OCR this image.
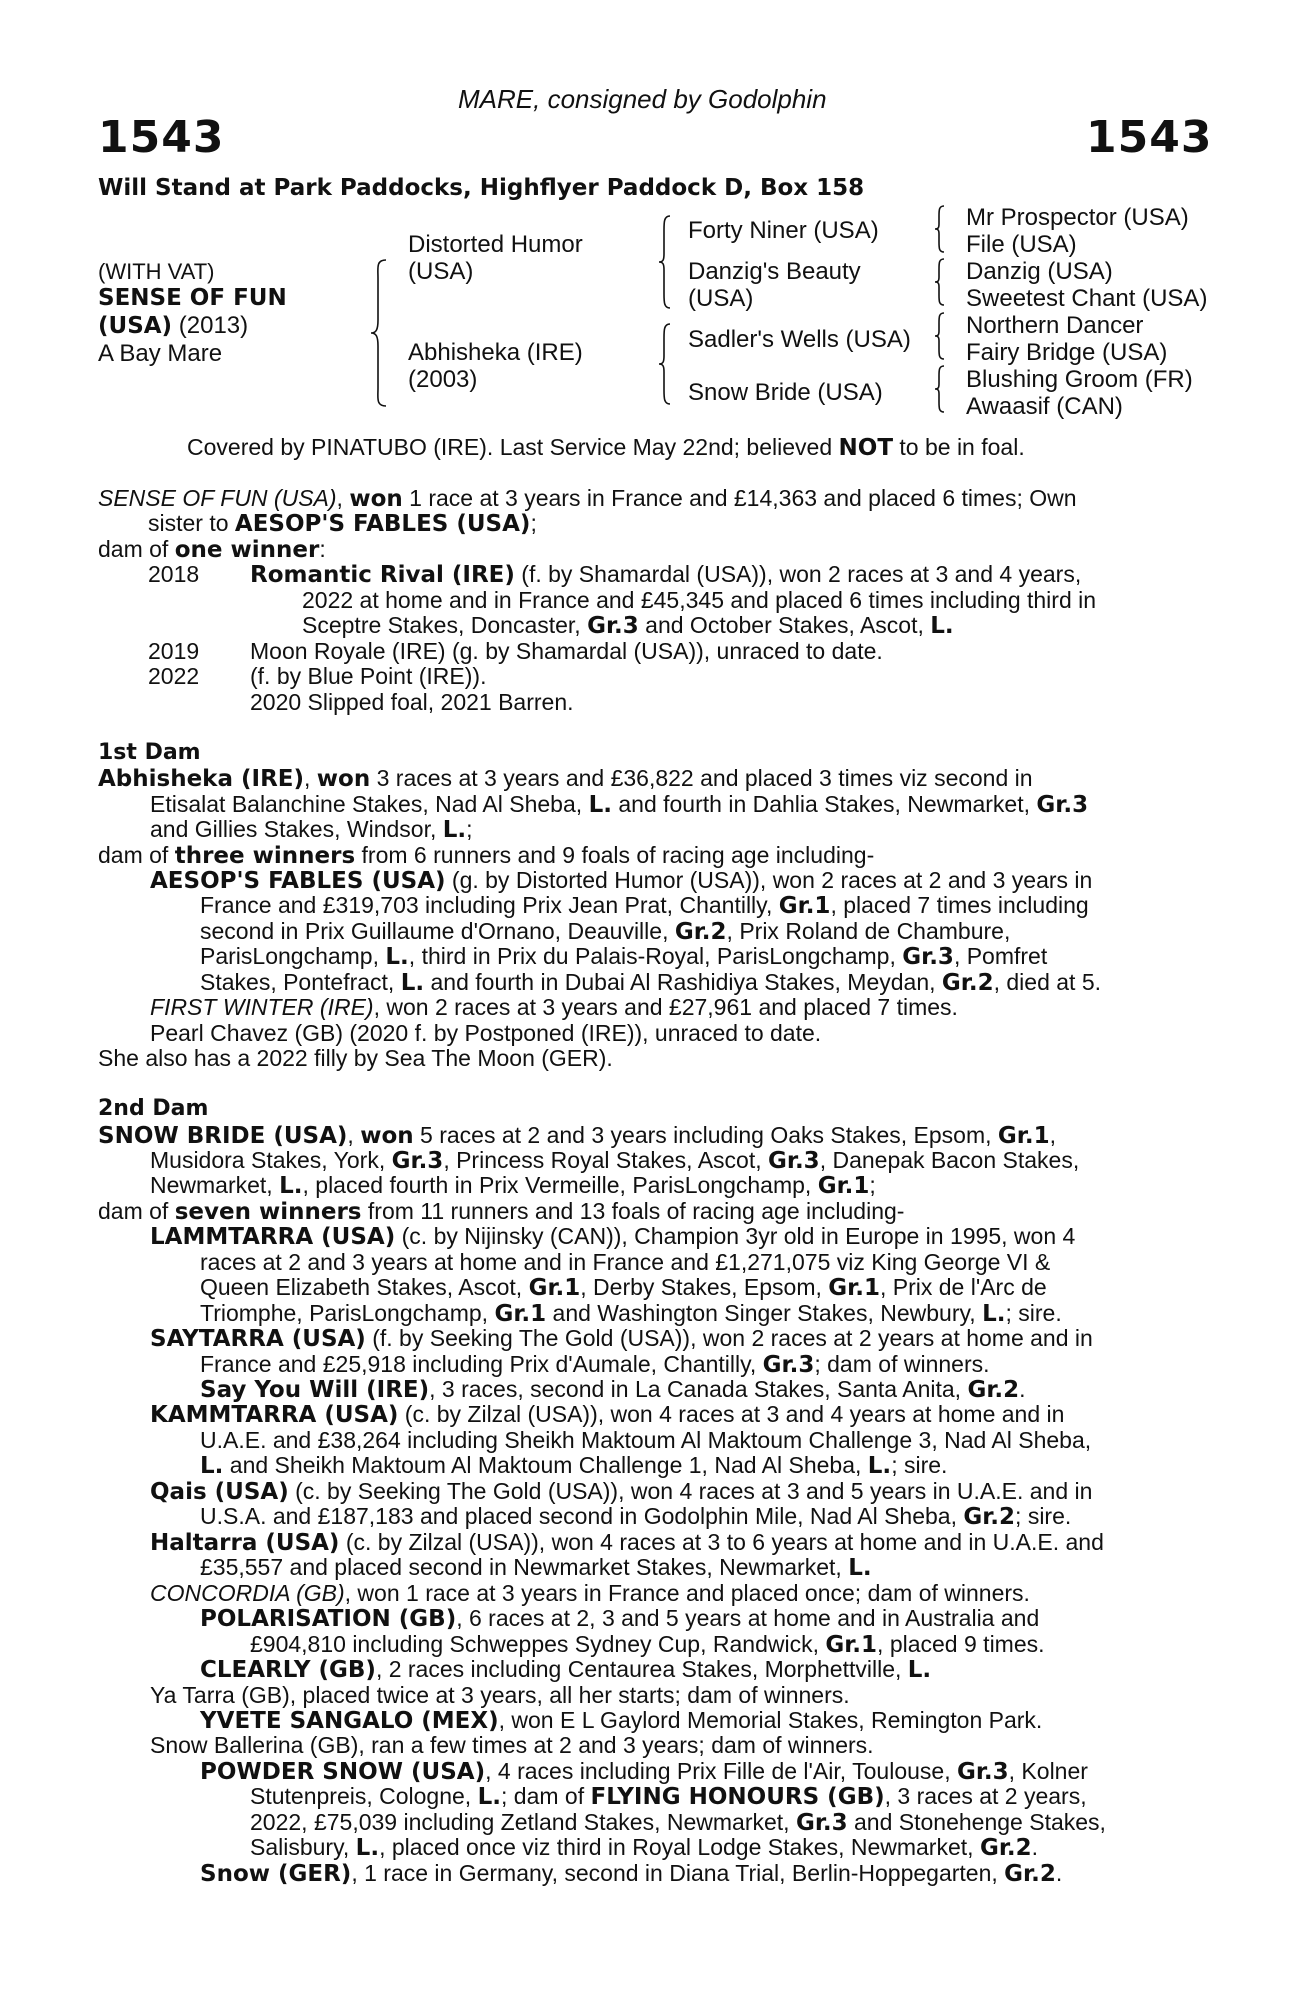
MARE, consigned by Godolphin
1543	1543
Will Stand at Park Paddocks, Highflyer Paddock D, Box 158
(WITH VAT)
SENSE OF FUN
(USA) (2013)
A Bay Mare
Distorted Humor
(USA)
Abhisheka (IRE)
(2003)
Forty Niner (USA)
Danzig's Beauty
(USA)
Sadler's Wells (USA)
Snow Bride (USA)
Mr Prospector (USA)
File (USA)
Danzig (USA)
Sweetest Chant (USA)
Northern Dancer
Fairy Bridge (USA)
Blushing Groom (FR)
Awaasif (CAN)
Covered by PINATUBO (IRE). Last Service May 22nd; believed NOT to be in foal.
SENSE OF FUN (USA), won 1 race at 3 years in France and £14,363 and placed 6 times; Own
sister to AESOP'S FABLES (USA);
dam of one winner:
2018 Romantic Rival (IRE) (f. by Shamardal (USA)), won 2 races at 3 and 4 years,
2022 at home and in France and £45,345 and placed 6 times including third in
Sceptre Stakes, Doncaster, Gr.3 and October Stakes, Ascot, L.
2019 Moon Royale (IRE) (g. by Shamardal (USA)), unraced to date.
2022 (f. by Blue Point (IRE)).
2020 Slipped foal, 2021 Barren.
1st Dam
Abhisheka (IRE), won 3 races at 3 years and £36,822 and placed 3 times viz second in
Etisalat Balanchine Stakes, Nad Al Sheba, L. and fourth in Dahlia Stakes, Newmarket, Gr.3
and Gillies Stakes, Windsor, L.;
dam of three winners from 6 runners and 9 foals of racing age including-
AESOP'S FABLES (USA) (g. by Distorted Humor (USA)), won 2 races at 2 and 3 years in
France and £319,703 including Prix Jean Prat, Chantilly, Gr.1, placed 7 times including
second in Prix Guillaume d'Ornano, Deauville, Gr.2, Prix Roland de Chambure,
ParisLongchamp, L., third in Prix du Palais-Royal, ParisLongchamp, Gr.3, Pomfret
Stakes, Pontefract, L. and fourth in Dubai Al Rashidiya Stakes, Meydan, Gr.2, died at 5.
FIRST WINTER (IRE), won 2 races at 3 years and £27,961 and placed 7 times.
Pearl Chavez (GB) (2020 f. by Postponed (IRE)), unraced to date.
She also has a 2022 filly by Sea The Moon (GER).
2nd Dam
SNOW BRIDE (USA), won 5 races at 2 and 3 years including Oaks Stakes, Epsom, Gr.1,
Musidora Stakes, York, Gr.3, Princess Royal Stakes, Ascot, Gr.3, Danepak Bacon Stakes,
Newmarket, L., placed fourth in Prix Vermeille, ParisLongchamp, Gr.1;
dam of seven winners from 11 runners and 13 foals of racing age including-
LAMMTARRA (USA) (c. by Nijinsky (CAN)), Champion 3yr old in Europe in 1995, won 4
races at 2 and 3 years at home and in France and £1,271,075 viz King George VI &
Queen Elizabeth Stakes, Ascot, Gr.1, Derby Stakes, Epsom, Gr.1, Prix de l'Arc de
Triomphe, ParisLongchamp, Gr.1 and Washington Singer Stakes, Newbury, L.; sire.
SAYTARRA (USA) (f. by Seeking The Gold (USA)), won 2 races at 2 years at home and in
France and £25,918 including Prix d'Aumale, Chantilly, Gr.3; dam of winners.
Say You Will (IRE), 3 races, second in La Canada Stakes, Santa Anita, Gr.2.
KAMMTARRA (USA) (c. by Zilzal (USA)), won 4 races at 3 and 4 years at home and in
U.A.E. and £38,264 including Sheikh Maktoum Al Maktoum Challenge 3, Nad Al Sheba,
L. and Sheikh Maktoum Al Maktoum Challenge 1, Nad Al Sheba, L.; sire.
Qais (USA) (c. by Seeking The Gold (USA)), won 4 races at 3 and 5 years in U.A.E. and in
U.S.A. and £187,183 and placed second in Godolphin Mile, Nad Al Sheba, Gr.2; sire.
Haltarra (USA) (c. by Zilzal (USA)), won 4 races at 3 to 6 years at home and in U.A.E. and
£35,557 and placed second in Newmarket Stakes, Newmarket, L.
CONCORDIA (GB), won 1 race at 3 years in France and placed once; dam of winners.
POLARISATION (GB), 6 races at 2, 3 and 5 years at home and in Australia and
£904,810 including Schweppes Sydney Cup, Randwick, Gr.1, placed 9 times.
CLEARLY (GB), 2 races including Centaurea Stakes, Morphettville, L.
Ya Tarra (GB), placed twice at 3 years, all her starts; dam of winners.
YVETE SANGALO (MEX), won E L Gaylord Memorial Stakes, Remington Park.
Snow Ballerina (GB), ran a few times at 2 and 3 years; dam of winners.
POWDER SNOW (USA), 4 races including Prix Fille de l'Air, Toulouse, Gr.3, Kolner
Stutenpreis, Cologne, L.; dam of FLYING HONOURS (GB), 3 races at 2 years,
2022, £75,039 including Zetland Stakes, Newmarket, Gr.3 and Stonehenge Stakes,
Salisbury, L., placed once viz third in Royal Lodge Stakes, Newmarket, Gr.2.
Snow (GER), 1 race in Germany, second in Diana Trial, Berlin-Hoppegarten, Gr.2.
